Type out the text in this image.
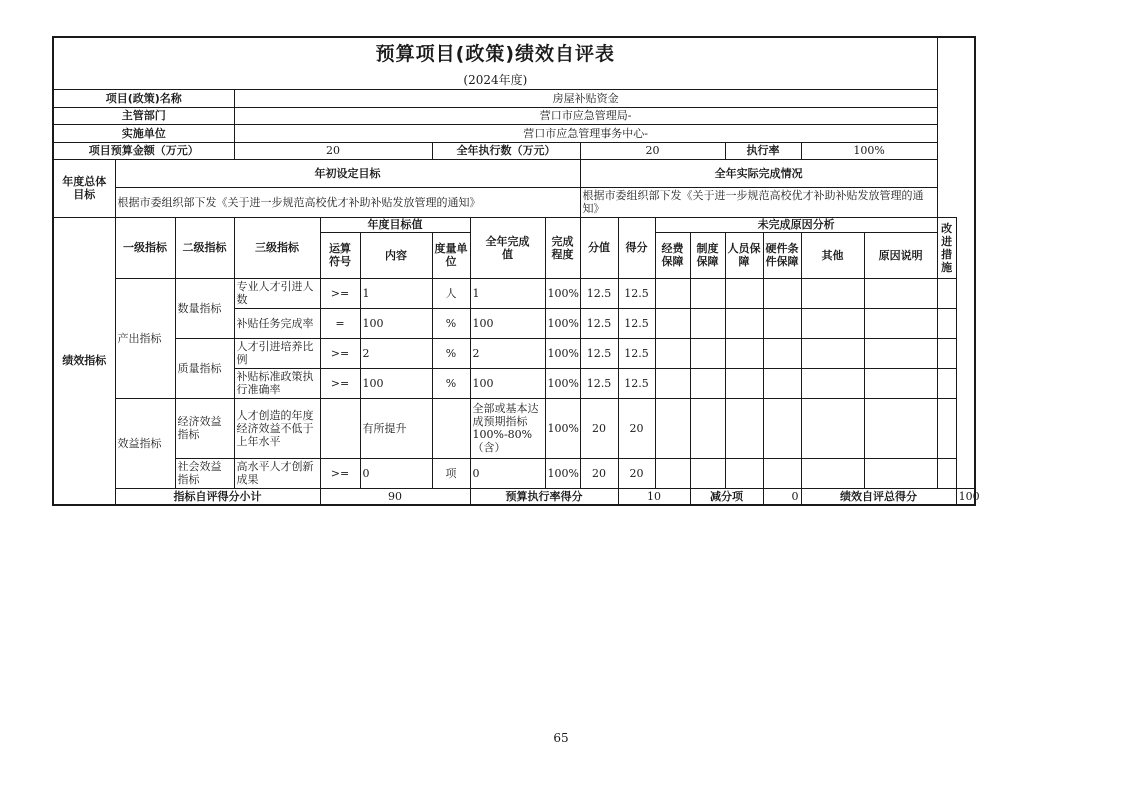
预算项目(政策)绩效自评表																		
(2024年度)																		
项目(政策)名称			房屋补贴资金															
主管部门			营口市应急管理局-															
实施单位			营口市应急管理事务中心-															
项目预算金额（万元）			20			全年执行数（万元）			20				执行率		100%			
年度总体目标	年初设定目标								全年实际完成情况									
	根据市委组织部下发《关于进一步规范高校优才补助补贴发放管理的通知》								根据市委组织部下发《关于进一步规范高校优才补助补贴发放管理的通知》									
绩效指标	一级指标	二级指标	三级指标	年度目标值			全年完成值	完成程度	分值	得分	未完成原因分析						改进措施	
				运算符号	内容	度量单位					经费保障	制度保障	人员保障	硬件条件保障	其他	原因说明		
	产出指标	数量指标	专业人才引进人数	>=	1	人	1	100%	12.5	12.5								
			补贴任务完成率	=	100	%	100	100%	12.5	12.5								
		质量指标	人才引进培养比例	>=	2	%	2	100%	12.5	12.5								
			补贴标准政策执行准确率	>=	100	%	100	100%	12.5	12.5								
	效益指标	经济效益指标	人才创造的年度经济效益不低于上年水平		有所提升		全部或基本达成预期指标100%-80%（含）	100%	20	20								
		社会效益指标	高水平人才创新成果	>=	0	项	0	100%	20	20								
	指标自评得分小计			90			预算执行率得分			10		减分项		0	绩效自评总得分			100
65
